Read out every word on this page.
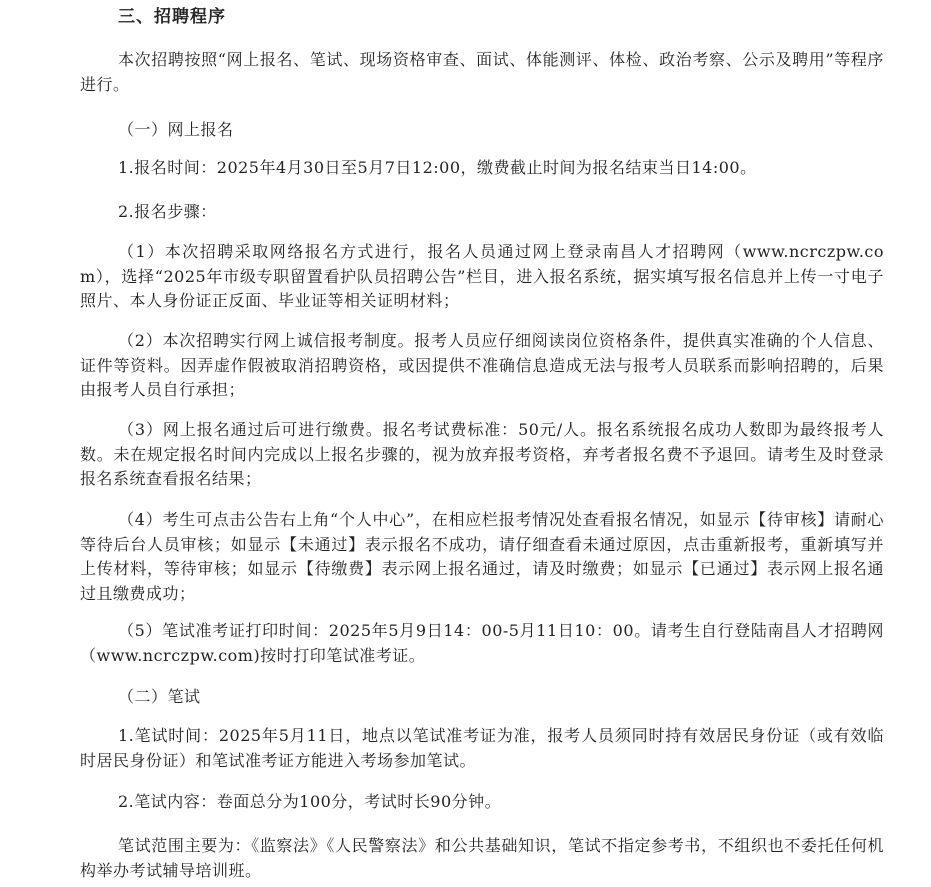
三、招聘程序
本次招聘按照“网上报名、笔试、现场资格审查、面试、体能测评、体检、政治考察、公示及聘用”等程序进行。
（一）网上报名
1.报名时间：2025年4月30日至5月7日12:00，缴费截止时间为报名结束当日14:00。
2.报名步骤：
（1）本次招聘采取网络报名方式进行，报名人员通过网上登录南昌人才招聘网（www.ncrczpw.com），选择“2025年市级专职留置看护队员招聘公告”栏目，进入报名系统，据实填写报名信息并上传一寸电子照片、本人身份证正反面、毕业证等相关证明材料；
（2）本次招聘实行网上诚信报考制度。报考人员应仔细阅读岗位资格条件，提供真实准确的个人信息、证件等资料。因弄虚作假被取消招聘资格，或因提供不准确信息造成无法与报考人员联系而影响招聘的，后果由报考人员自行承担；
（3）网上报名通过后可进行缴费。报名考试费标准：50元/人。报名系统报名成功人数即为最终报考人数。未在规定报名时间内完成以上报名步骤的，视为放弃报考资格，弃考者报名费不予退回。请考生及时登录报名系统查看报名结果；
（4）考生可点击公告右上角“个人中心”，在相应栏报考情况处查看报名情况，如显示【待审核】请耐心等待后台人员审核；如显示【未通过】表示报名不成功，请仔细查看未通过原因，点击重新报考，重新填写并上传材料，等待审核；如显示【待缴费】表示网上报名通过，请及时缴费；如显示【已通过】表示网上报名通过且缴费成功；
（5）笔试准考证打印时间：2025年5月9日14：00-5月11日10：00。请考生自行登陆南昌人才招聘网（www.ncrczpw.com)按时打印笔试准考证。
（二）笔试
1.笔试时间：2025年5月11日，地点以笔试准考证为准，报考人员须同时持有效居民身份证（或有效临时居民身份证）和笔试准考证方能进入考场参加笔试。
2.笔试内容：卷面总分为100分，考试时长90分钟。
笔试范围主要为：《监察法》《人民警察法》和公共基础知识，笔试不指定参考书，不组织也不委托任何机构举办考试辅导培训班。
